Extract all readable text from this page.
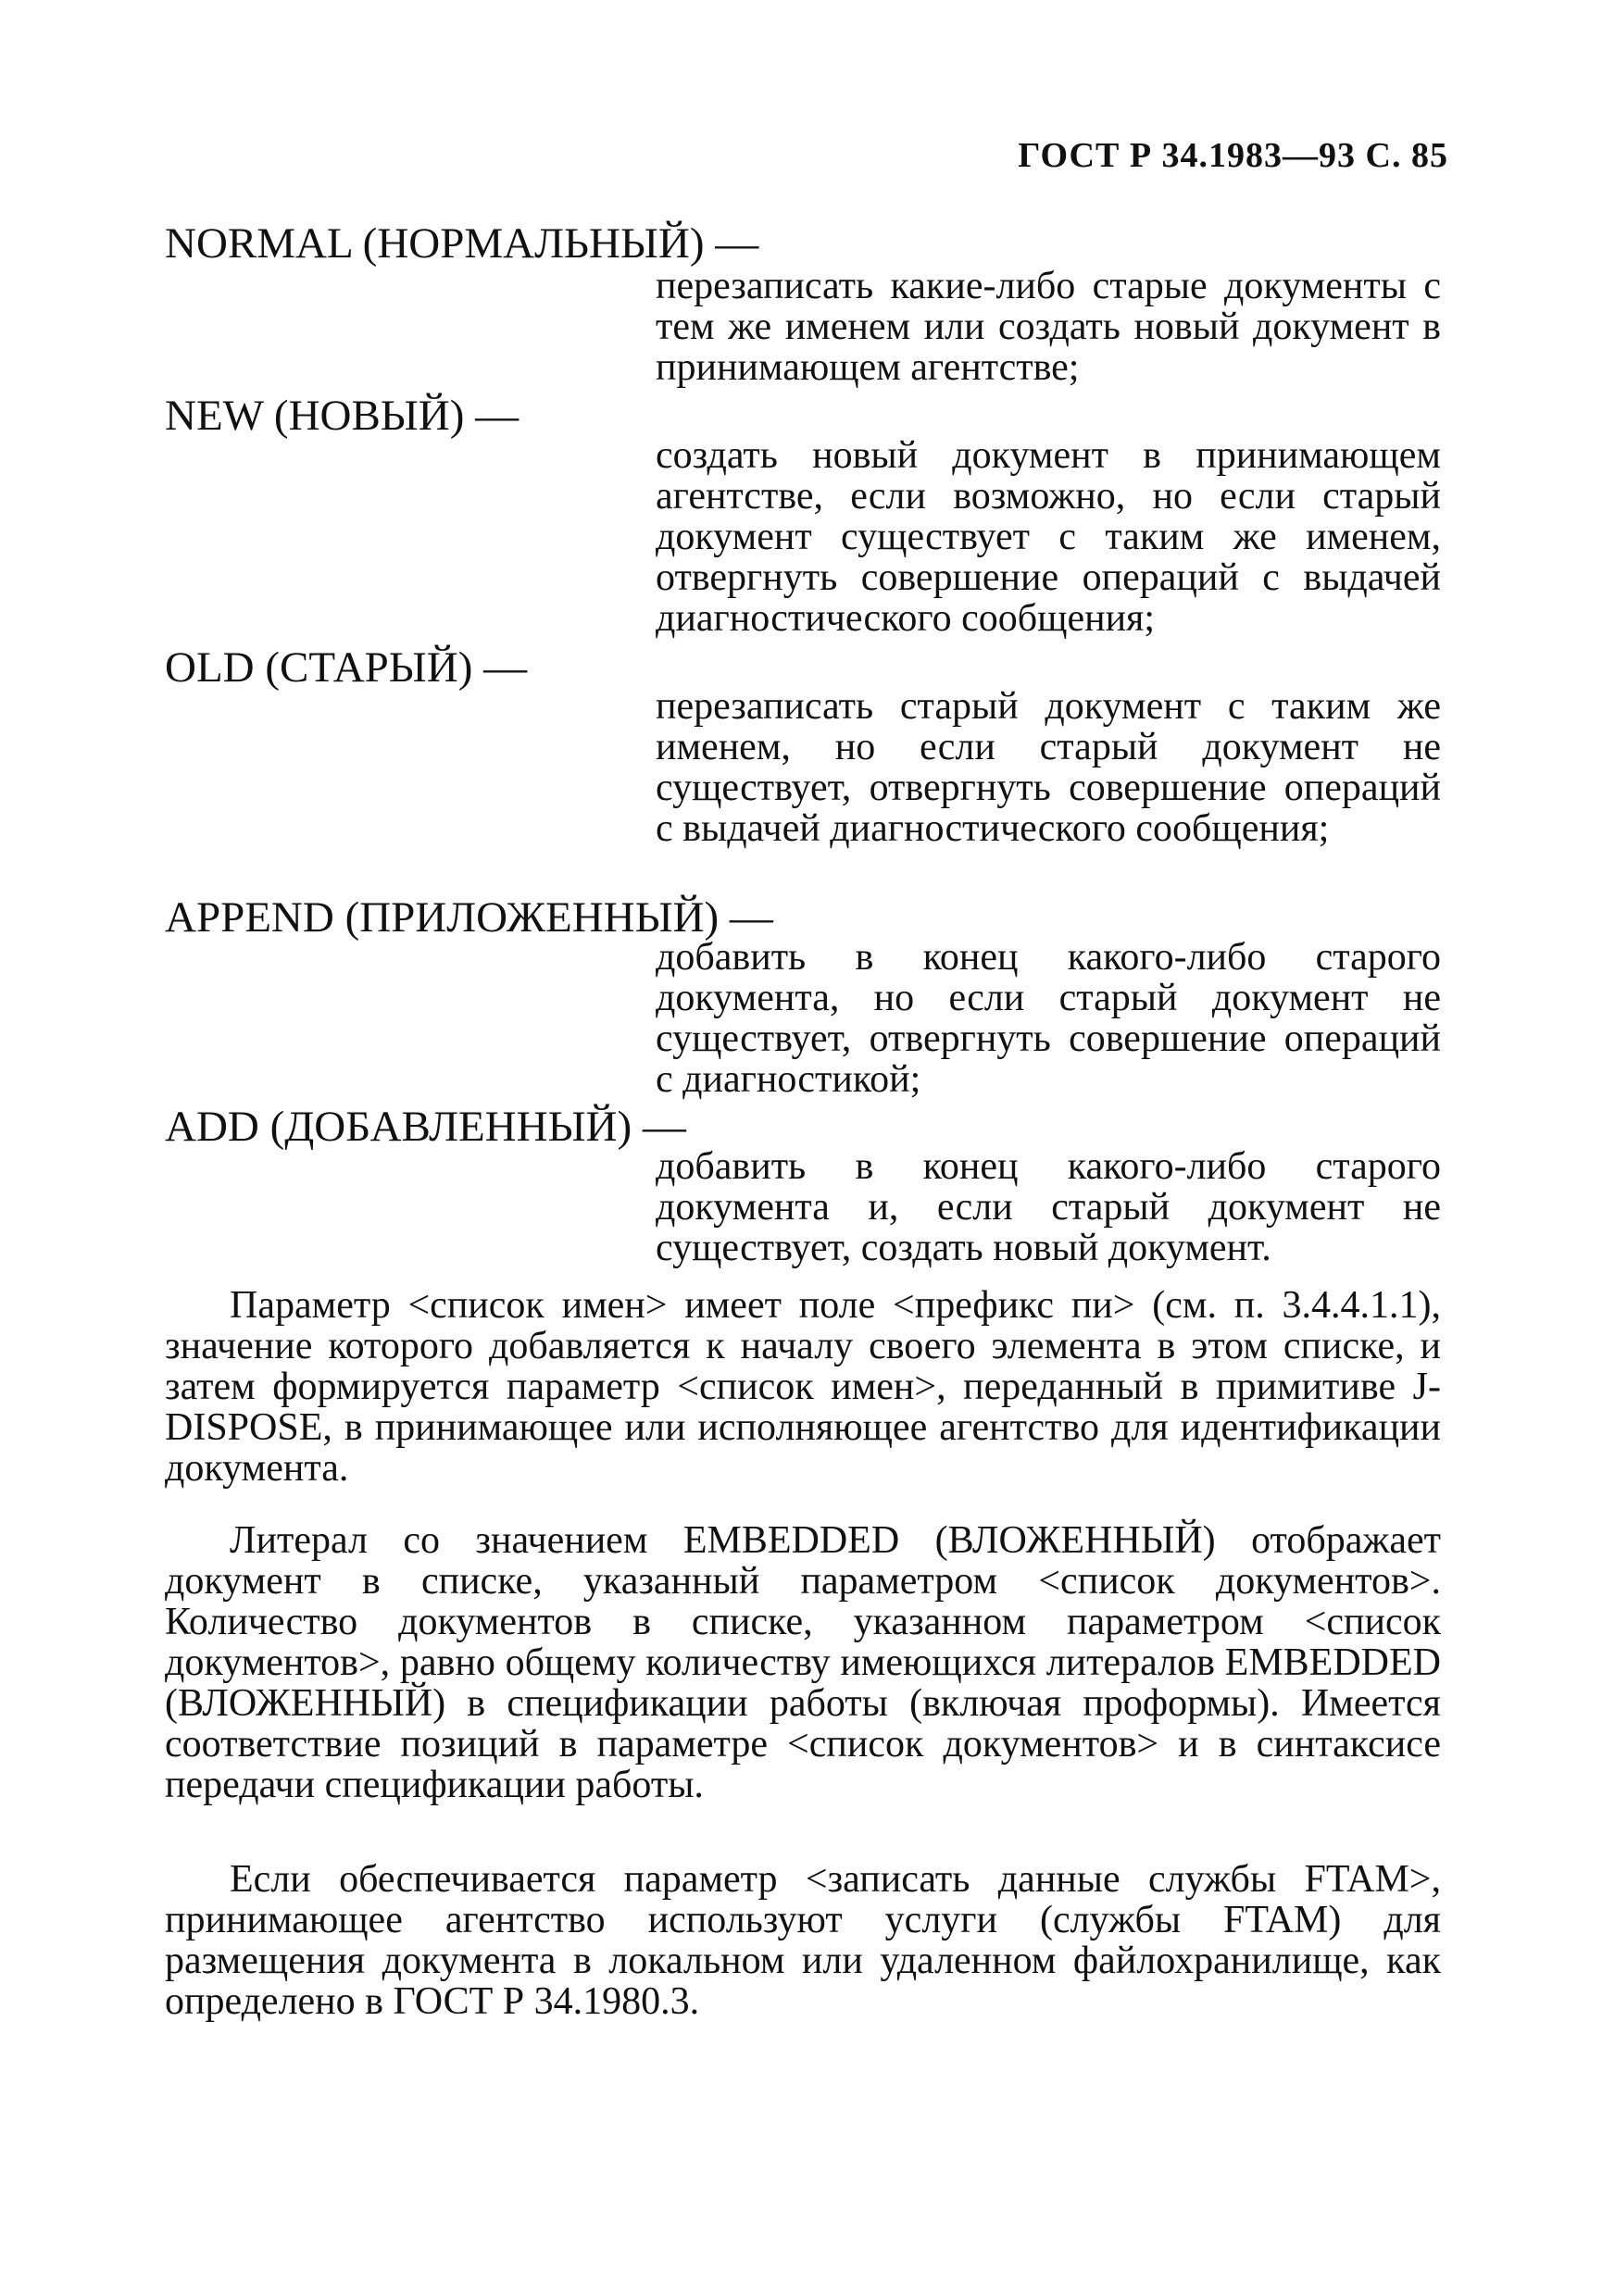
ГОСТ Р 34.1983—93 С. 85
NORMAL (НОРМАЛЬНЫЙ) —
перезаписать какие-либо старые документы с тем же именем или создать новый документ в принимающем агентстве;
NEW (НОВЫЙ) —
создать новый документ в принимающем агентстве, если возможно, но если старый документ существует с таким же именем, отвергнуть совершение операций с выдачей диагностического сообщения;
OLD (СТАРЫЙ) —
перезаписать старый документ с таким же именем, но если старый документ не существует, отвергнуть совершение операций с выдачей диагностического сообщения;
APPEND (ПРИЛОЖЕННЫЙ) —
добавить в конец какого-либо старого документа, но если старый документ не существует, отвергнуть совершение операций с диагностикой;
ADD (ДОБАВЛЕННЫЙ) —
добавить в конец какого-либо старого документа и, если старый документ не существует, создать новый документ.
Параметр <список имен> имеет поле <префикс пи> (см. п. 3.4.4.1.1), значение которого добавляется к началу своего элемента в этом списке, и затем формируется параметр <список имен>, переданный в примитиве J-DISPOSE, в принимающее или исполняющее агентство для идентификации документа.
Литерал со значением EMBEDDED (ВЛОЖЕННЫЙ) отображает документ в списке, указанный параметром <список документов>. Количество документов в списке, указанном параметром <список документов>, равно общему количеству имеющихся литералов EMBEDDED (ВЛОЖЕННЫЙ) в спецификации работы (включая проформы). Имеется соответствие позиций в параметре <список документов> и в синтаксисе передачи спецификации работы.
Если обеспечивается параметр <записать данные службы FTAM>, принимающее агентство используют услуги (службы FTAM) для размещения документа в локальном или удаленном файлохранилище, как определено в ГОСТ Р 34.1980.3.
